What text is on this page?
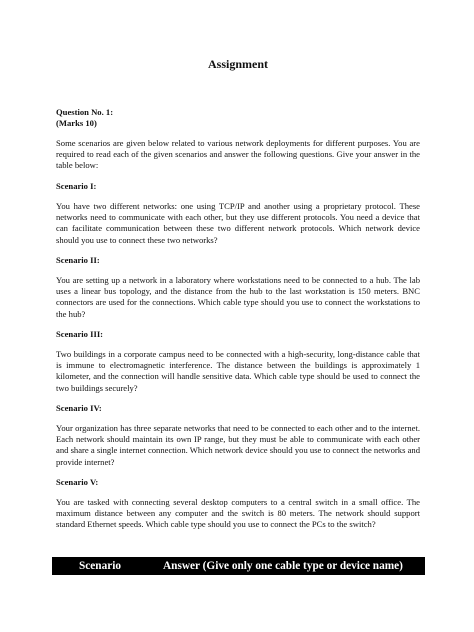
Assignment
Question No. 1:
(Marks 10)
Some scenarios are given below related to various network deployments for different purposes. You are required to read each of the given scenarios and answer the following questions. Give your answer in the table below:
Scenario I:
You have two different networks: one using TCP/IP and another using a proprietary protocol. These networks need to communicate with each other, but they use different protocols. You need a device that can facilitate communication between these two different network protocols. Which network device should you use to connect these two networks?
Scenario II:
You are setting up a network in a laboratory where workstations need to be connected to a hub. The lab uses a linear bus topology, and the distance from the hub to the last workstation is 150 meters. BNC connectors are used for the connections. Which cable type should you use to connect the workstations to the hub?
Scenario III:
Two buildings in a corporate campus need to be connected with a high-security, long-distance cable that is immune to electromagnetic interference. The distance between the buildings is approximately 1 kilometer, and the connection will handle sensitive data. Which cable type should be used to connect the two buildings securely?
Scenario IV:
Your organization has three separate networks that need to be connected to each other and to the internet. Each network should maintain its own IP range, but they must be able to communicate with each other and share a single internet connection. Which network device should you use to connect the networks and provide internet?
Scenario V:
You are tasked with connecting several desktop computers to a central switch in a small office. The maximum distance between any computer and the switch is 80 meters. The network should support standard Ethernet speeds. Which cable type should you use to connect the PCs to the switch?
Scenario	Answer (Give only one cable type or device name)
